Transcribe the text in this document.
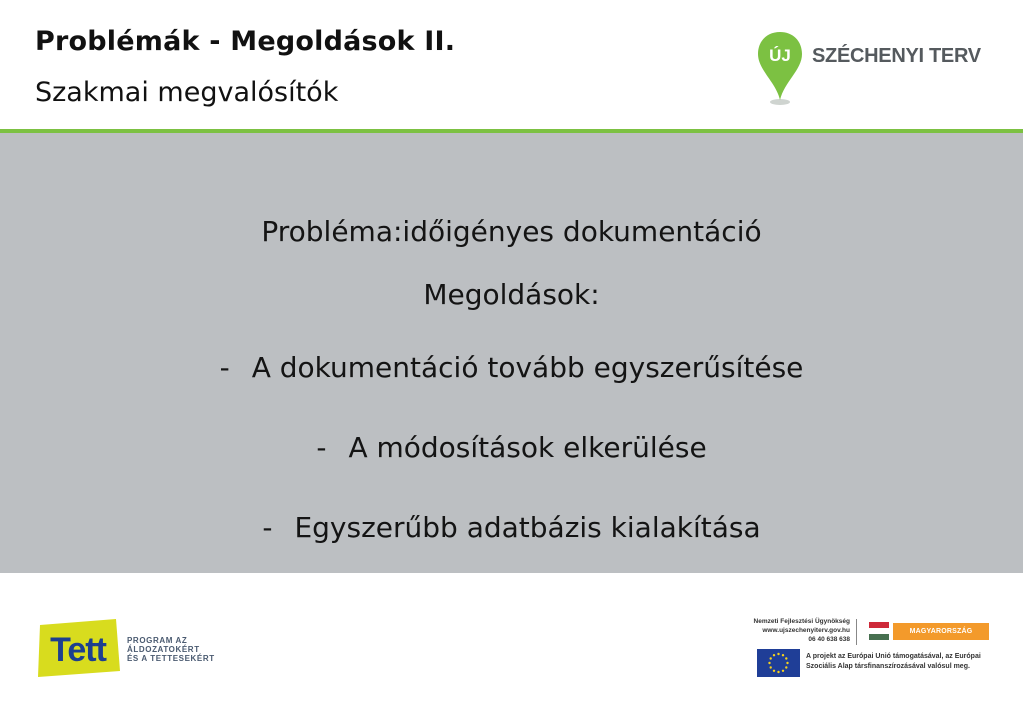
Problémák - Megoldások II.
Szakmai megvalósítók
ÚJ SZÉCHENYI TERV
Probléma:időigényes dokumentáció
Megoldások:
- A dokumentáció tovább egyszerűsítése
- A módosítások elkerülése
- Egyszerűbb adatbázis kialakítása
Tett	PROGRAM AZ
ÁLDOZATOKÉRT
ÉS A TETTESEKÉRT
Nemzeti Fejlesztési Ügynökség
www.ujszechenyiterv.gov.hu
06 40 638 638
MAGYARORSZÁG MEGÚJUL
A projekt az Európai Unió támogatásával, az Európai Szociális Alap társfinanszírozásával valósul meg.
